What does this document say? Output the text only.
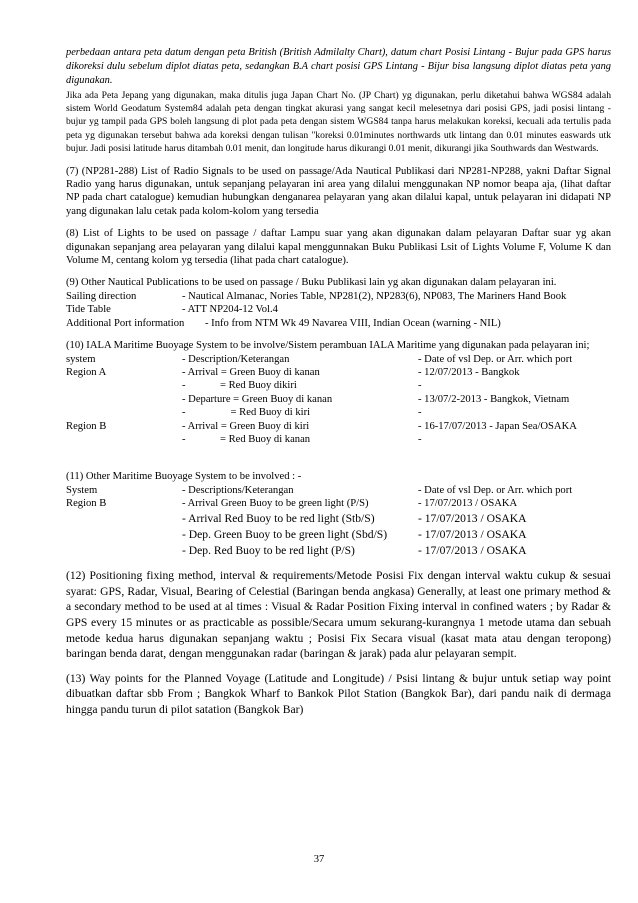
perbedaan antara peta datum dengan peta British (British Admilalty Chart), datum chart Posisi Lintang - Bujur pada GPS harus dikoreksi dulu sebelum diplot diatas peta, sedangkan B.A chart posisi GPS Lintang - Bijur bisa langsung diplot diatas peta yang digunakan.

Jika ada Peta Jepang yang digunakan, maka ditulis juga Japan Chart No. (JP Chart) yg digunakan, perlu diketahui bahwa WGS84 adalah sistem World Geodatum System84 adalah peta dengan tingkat akurasi yang sangat kecil melesetnya dari posisi GPS, jadi posisi lintang - bujur yg tampil pada GPS boleh langsung di plot pada peta dengan sistem WGS84 tanpa harus melakukan koreksi, kecuali ada tertulis pada peta yg digunakan tersebut bahwa ada koreksi dengan tulisan "koreksi 0.01minutes northwards utk lintang dan 0.01 minutes easwards utk bujur. Jadi posisi latitude harus ditambah 0.01 menit, dan longitude harus dikurangi 0.01 menit, dikurangi jika Southwards dan Westwards.

(7) (NP281-288) List of Radio Signals to be used on passage/Ada Nautical Publikasi dari NP281-NP288, yakni Daftar Signal Radio yang harus digunakan, untuk sepanjang pelayaran ini area yang dilalui menggunakan NP nomor beapa aja, (lihat daftar NP pada chart catalogue) kemudian hubungkan denganarea pelayaran yang akan dilalui kapal, untuk pelayaran ini didapati NP yang digunakan lalu cetak pada kolom-kolom yang tersedia

(8) List of Lights to be used on passage / daftar Lampu suar yang akan digunakan dalam pelayaran Daftar suar yg akan digunakan sepanjang area pelayaran yang dilalui kapal menggunnakan Buku Publikasi Lsit of Lights Volume F, Volume K dan Volume M, centang kolom yg tersedia (lihat pada chart catalogue).

(9) Other Nautical Publications to be used on passage / Buku Publikasi lain yg akan digunakan dalam pelayaran ini.

Sailing direction	- Nautical Almanac, Nories Table, NP281(2), NP283(6), NP083, The Mariners Hand Book
Tide Table	- ATT NP204-12 Vol.4
Additional Port information	- Info from NTM Wk 49 Navarea VIII, Indian Ocean (warning - NIL)

(10) IALA Maritime Buoyage System to be involve/Sistem perambuan IALA Maritime yang digunakan pada pelayaran ini;

system	- Description/Keterangan	- Date of vsl Dep. or Arr. which port
Region A	- Arrival = Green Buoy di kanan	- 12/07/2013 - Bangkok
-             = Red Buoy dikiri	-
- Departure = Green Buoy di kanan	- 13/07/2-2013 - Bangkok, Vietnam
-                 = Red Buoy di kiri	-
Region B	- Arrival = Green Buoy di kiri	- 16-17/07/2013 - Japan Sea/OSAKA
-             = Red Buoy di kanan	-

(11) Other Maritime Buoyage System to be involved : -

System	- Descriptions/Keterangan	- Date of vsl Dep. or Arr. which port
Region B	- Arrival Green Buoy to be green light (P/S)	- 17/07/2013 / OSAKA
- Arrival Red Buoy to be red light (Stb/S)	- 17/07/2013 / OSAKA
- Dep. Green Buoy to be green light (Sbd/S)	- 17/07/2013 / OSAKA
- Dep. Red Buoy to be red light (P/S)	- 17/07/2013 / OSAKA

(12) Positioning fixing method, interval & requirements/Metode Posisi Fix dengan interval waktu cukup & sesuai syarat: GPS, Radar, Visual, Bearing of Celestial (Baringan benda angkasa) Generally, at least one primary method & a secondary method to be used at al times : Visual & Radar Position Fixing interval in confined waters ; by Radar & GPS every 15 minutes or as practicable as possible/Secara umum sekurang-kurangnya 1 metode utama dan sebuah metode kedua harus digunakan sepanjang waktu ; Posisi Fix Secara visual (kasat mata atau dengan teropong) baringan benda darat, dengan menggunakan radar (baringan & jarak) pada alur pelayaran sempit.

(13) Way points for the Planned Voyage (Latitude and Longitude) / Psisi lintang & bujur untuk setiap way point dibuatkan daftar sbb From ; Bangkok Wharf to Bankok Pilot Station (Bangkok Bar), dari pandu naik di dermaga hingga pandu turun di pilot satation (Bangkok Bar)

37
